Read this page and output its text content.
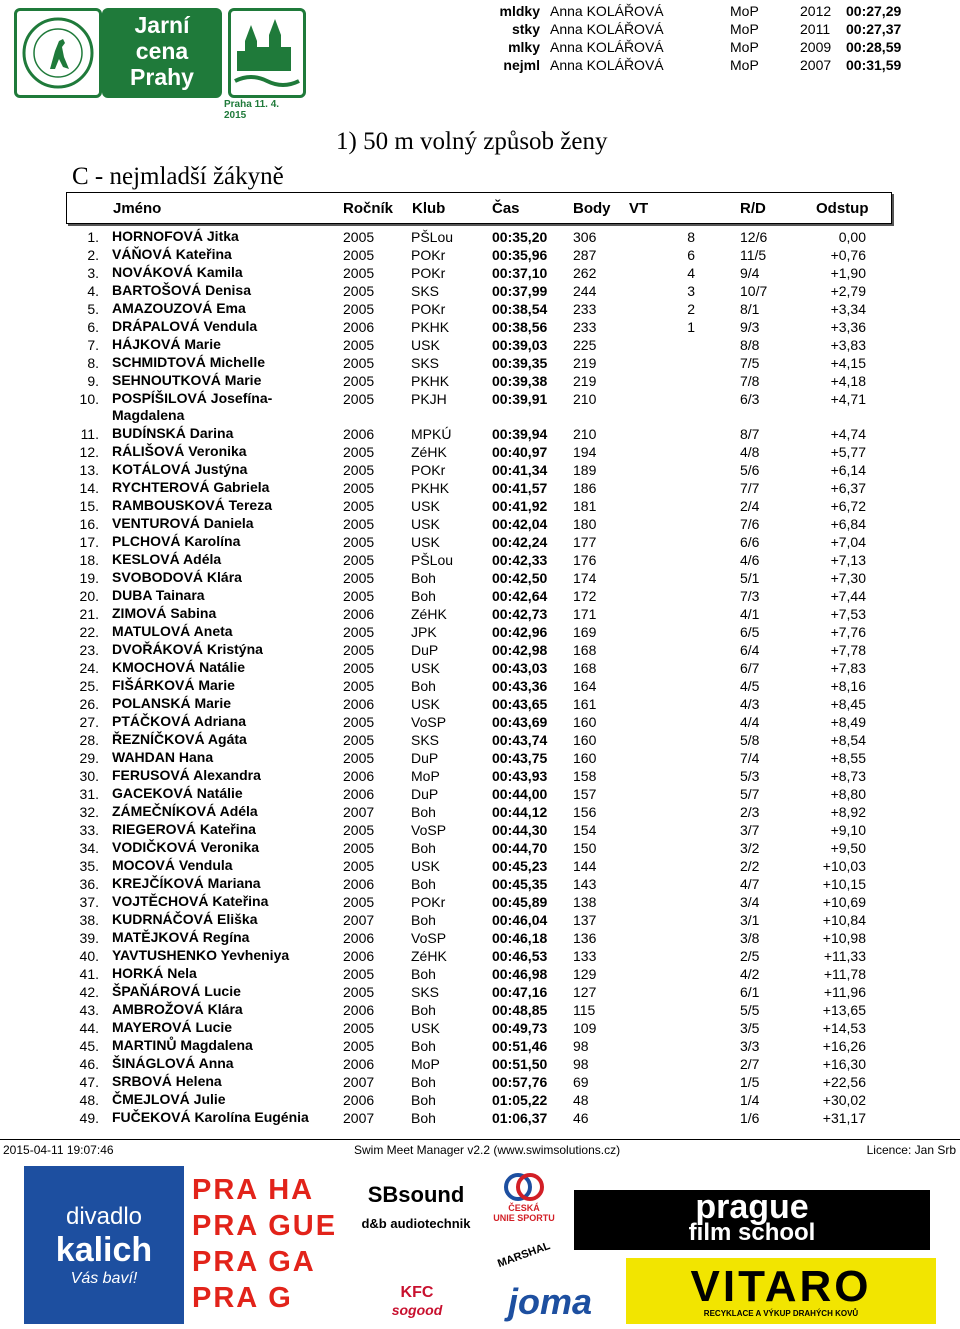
Jarní
cena
Prahy
Praha 11. 4. 2015
mldky Anna KOLÁŘOVÁ	MoP	2012 00:27,29
stky Anna KOLÁŘOVÁ	MoP	2011 00:27,37
mlky Anna KOLÁŘOVÁ	MoP	2009 00:28,59
nejml Anna KOLÁŘOVÁ	MoP	2007 00:31,59
1) 50 m volný způsob ženy
C - nejmladší žákyně
Jméno	Ročník Klub	Čas	Body VT	R/D	Odstup
1. HORNOFOVÁ Jitka	2005	PŠLou	00:35,20 306	8	12/6	0,00
2. VÁŇOVÁ Kateřina	2005	POKr	00:35,96 287	6	11/5	+0,76
3. NOVÁKOVÁ Kamila	2005	POKr	00:37,10 262	4	9/4	+1,90
4. BARTOŠOVÁ Denisa	2005	SKS	00:37,99 244	3	10/7	+2,79
5. AMAZOUZOVÁ Ema	2005	POKr	00:38,54 233	2	8/1	+3,34
6. DRÁPALOVÁ Vendula	2006	PKHK	00:38,56 233	1	9/3	+3,36
7. HÁJKOVÁ Marie	2005	USK	00:39,03 225	8/8	+3,83
8. SCHMIDTOVÁ Michelle	2005	SKS	00:39,35 219	7/5	+4,15
9. SEHNOUTKOVÁ Marie	2005	PKHK	00:39,38 219	7/8	+4,18
10. POSPÍŠILOVÁ Josefína-Magdalena
2005	PKJH	00:39,91 210	6/3	+4,71
11. BUDÍNSKÁ Darina	2006	MPKÚ	00:39,94 210	8/7	+4,74
12. RÁLIŠOVÁ Veronika	2005	ZéHK	00:40,97 194	4/8	+5,77
13. KOTÁLOVÁ Justýna	2005	POKr	00:41,34 189	5/6	+6,14
14. RYCHTEROVÁ Gabriela	2005	PKHK	00:41,57 186	7/7	+6,37
15. RAMBOUSKOVÁ Tereza	2005	USK	00:41,92 181	2/4	+6,72
16. VENTUROVÁ Daniela	2005	USK	00:42,04 180	7/6	+6,84
17. PLCHOVÁ Karolína	2005	USK	00:42,24 177	6/6	+7,04
18. KESLOVÁ Adéla	2005	PŠLou	00:42,33 176	4/6	+7,13
19. SVOBODOVÁ Klára	2005	Boh	00:42,50 174	5/1	+7,30
20. DUBA Tainara	2005	Boh	00:42,64 172	7/3	+7,44
21. ZIMOVÁ Sabina	2006	ZéHK	00:42,73 171	4/1	+7,53
22. MATULOVÁ Aneta	2005	JPK	00:42,96 169	6/5	+7,76
23. DVOŘÁKOVÁ Kristýna	2005	DuP	00:42,98 168	6/4	+7,78
24. KMOCHOVÁ Natálie	2005	USK	00:43,03 168	6/7	+7,83
25. FIŠÁRKOVÁ Marie	2005	Boh	00:43,36 164	4/5	+8,16
26. POLANSKÁ Marie	2006	USK	00:43,65 161	4/3	+8,45
27. PTÁČKOVÁ Adriana	2005	VoSP	00:43,69 160	4/4	+8,49
28. ŘEZNÍČKOVÁ Agáta	2005	SKS	00:43,74 160	5/8	+8,54
29. WAHDAN Hana	2005	DuP	00:43,75 160	7/4	+8,55
30. FERUSOVÁ Alexandra	2006	MoP	00:43,93 158	5/3	+8,73
31. GACEKOVÁ Natálie	2006	DuP	00:44,00 157	5/7	+8,80
32. ZÁMEČNÍKOVÁ Adéla	2007	Boh	00:44,12 156	2/3	+8,92
33. RIEGEROVÁ Kateřina	2005	VoSP	00:44,30 154	3/7	+9,10
34. VODIČKOVÁ Veronika	2005	Boh	00:44,70 150	3/2	+9,50
35. MOCOVÁ Vendula	2005	USK	00:45,23 144	2/2	+10,03
36. KREJČÍKOVÁ Mariana	2006	Boh	00:45,35 143	4/7	+10,15
37. VOJTĚCHOVÁ Kateřina	2005	POKr	00:45,89 138	3/4	+10,69
38. KUDRNÁČOVÁ Eliška	2007	Boh	00:46,04 137	3/1	+10,84
39. MATĚJKOVÁ Regína	2006	VoSP	00:46,18 136	3/8	+10,98
40. YAVTUSHENKO Yevheniya	2006	ZéHK	00:46,53 133	2/5	+11,33
41. HORKÁ Nela	2005	Boh	00:46,98 129	4/2	+11,78
42. ŠPAŇÁROVÁ Lucie	2005	SKS	00:47,16 127	6/1	+11,96
43. AMBROŽOVÁ Klára	2006	Boh	00:48,85 115	5/5	+13,65
44. MAYEROVÁ Lucie	2005	USK	00:49,73 109	3/5	+14,53
45. MARTINŮ Magdalena	2005	Boh	00:51,46 98	3/3	+16,26
46. ŠINÁGLOVÁ Anna	2006	MoP	00:51,50 98	2/7	+16,30
47. SRBOVÁ Helena	2007	Boh	00:57,76 69	1/5	+22,56
48. ČMEJLOVÁ Julie	2006	Boh	01:05,22 48	1/4	+30,02
49. FUČEKOVÁ Karolína Eugénia	2007	Boh	01:06,37 46	1/6	+31,17
2015-04-11 19:07:46	Swim Meet Manager v2.2 (www.swimsolutions.cz)	Licence: Jan Srb
divadlo
kalich
Vás baví!
PRA HA
PRA GUE
PRA GA
PRA G
SBsound
d&b audiotechnik
ČESKÁ
UNIE SPORTU
MARSHAL
KFC
sogood joma
prague
film school
VITARO
RECYKLACE A VÝKUP DRAHÝCH KOVŮ
